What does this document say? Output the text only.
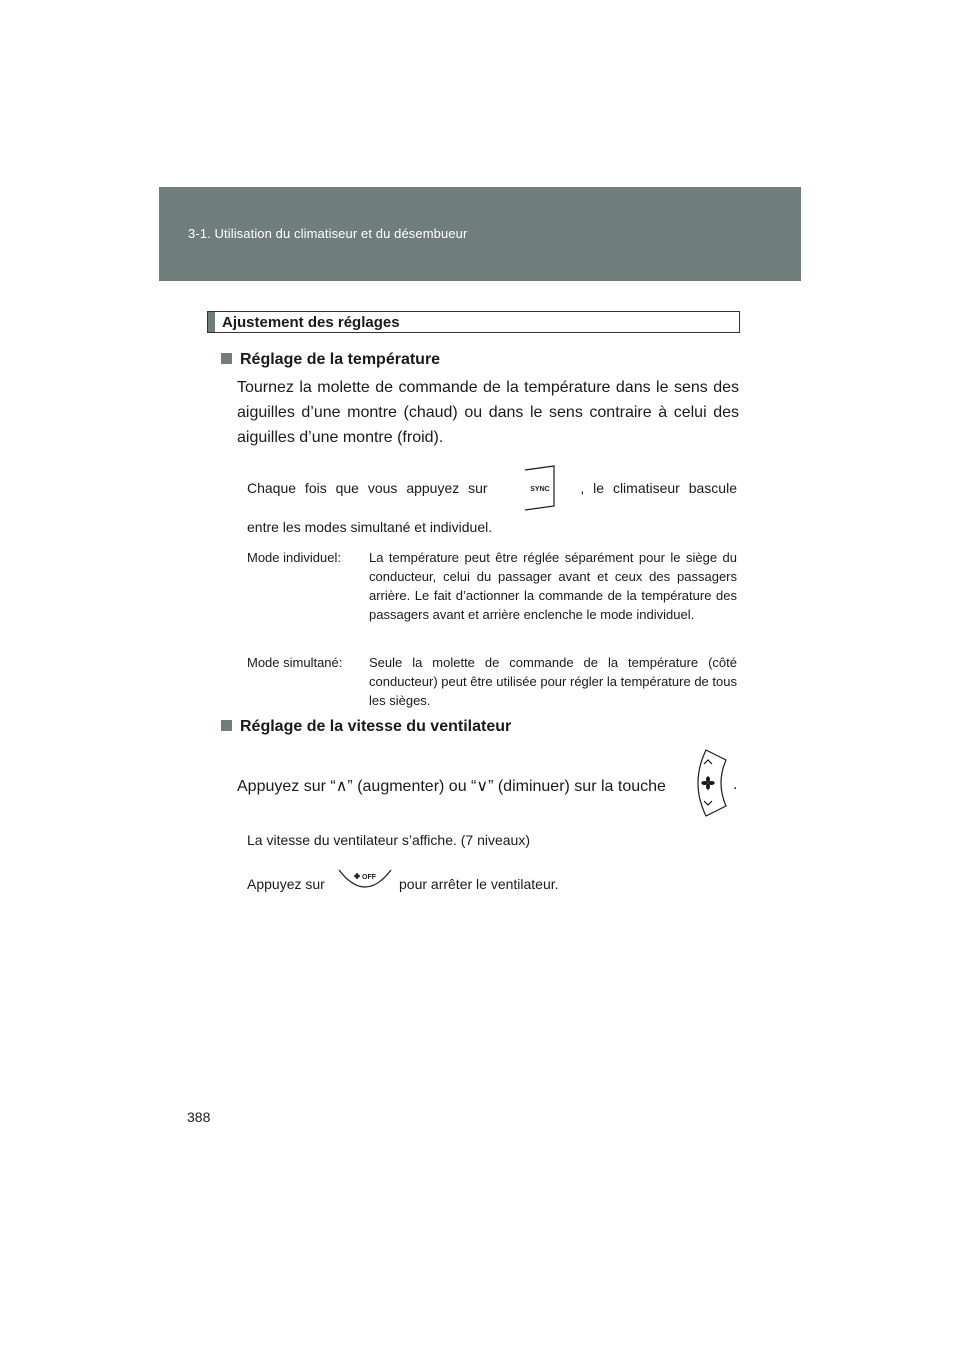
3-1. Utilisation du climatiseur et du désembueur
Ajustement des réglages
Réglage de la température
Tournez la molette de commande de la température dans le sens des aiguilles d’une montre (chaud) ou dans le sens contraire à celui des aiguilles d’une montre (froid).
Chaque fois que vous appuyez sur	, le climatiseur bascule
SYNC
entre les modes simultané et individuel.
Mode individuel:	La température peut être réglée séparément pour le siège du conducteur, celui du passager avant et ceux des passagers arrière. Le fait d’actionner la commande de la température des passagers avant et arrière enclenche le mode individuel.
Mode simultané:	Seule la molette de commande de la température (côté conducteur) peut être utilisée pour régler la température de tous les sièges.
Réglage de la vitesse du ventilateur
Appuyez sur “∧” (augmenter) ou “∨” (diminuer) sur la touche	.
La vitesse du ventilateur s’affiche. (7 niveaux)
Appuyez sur	OFF pour arrêter le ventilateur.
388
